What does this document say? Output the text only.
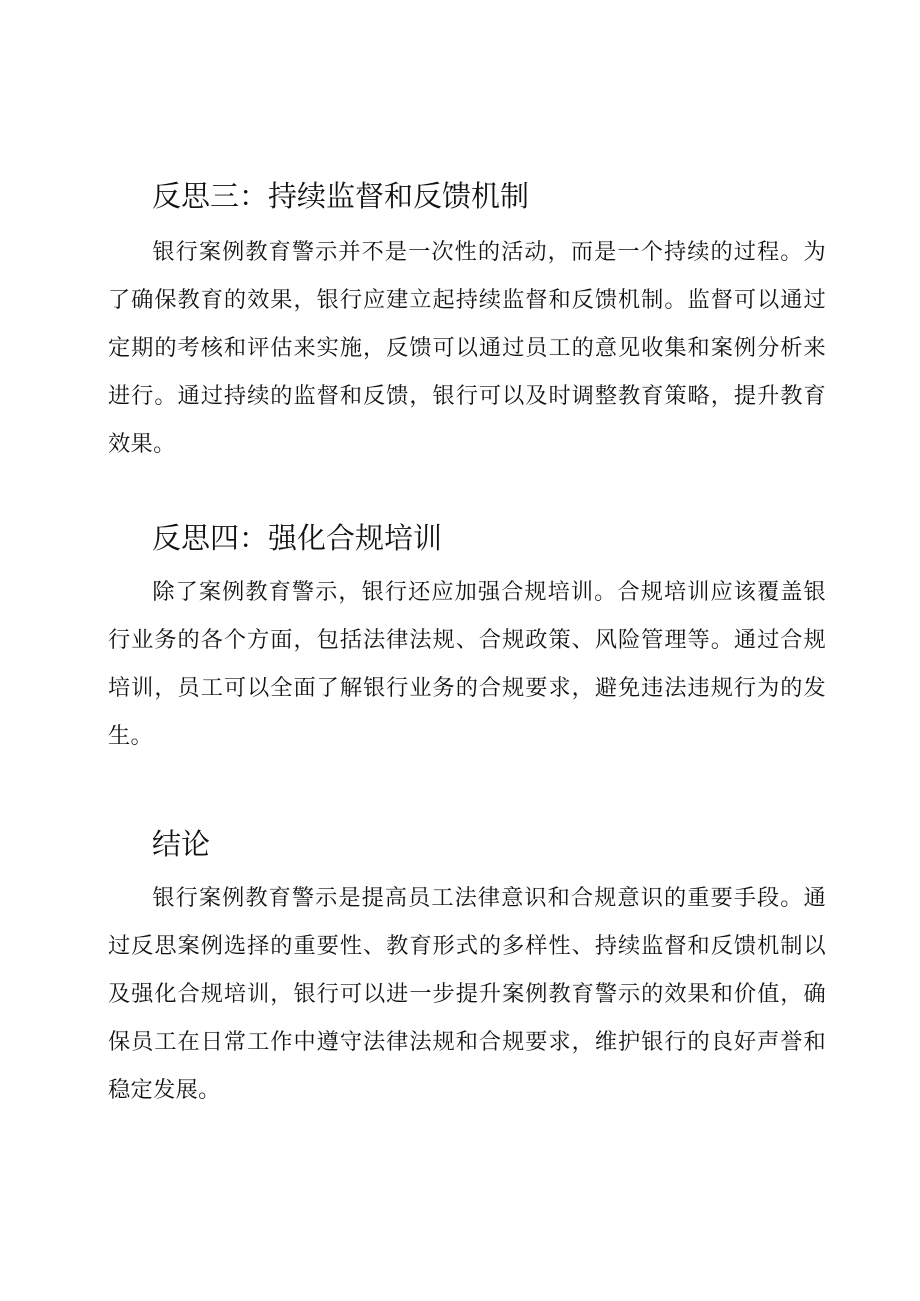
反思三：持续监督和反馈机制

银行案例教育警示并不是一次性的活动，而是一个持续的过程。为了确保教育的效果，银行应建立起持续监督和反馈机制。监督可以通过定期的考核和评估来实施，反馈可以通过员工的意见收集和案例分析来进行。通过持续的监督和反馈，银行可以及时调整教育策略，提升教育效果。

反思四：强化合规培训

除了案例教育警示，银行还应加强合规培训。合规培训应该覆盖银行业务的各个方面，包括法律法规、合规政策、风险管理等。通过合规培训，员工可以全面了解银行业务的合规要求，避免违法违规行为的发生。

结论

银行案例教育警示是提高员工法律意识和合规意识的重要手段。通过反思案例选择的重要性、教育形式的多样性、持续监督和反馈机制以及强化合规培训，银行可以进一步提升案例教育警示的效果和价值，确保员工在日常工作中遵守法律法规和合规要求，维护银行的良好声誉和稳定发展。
